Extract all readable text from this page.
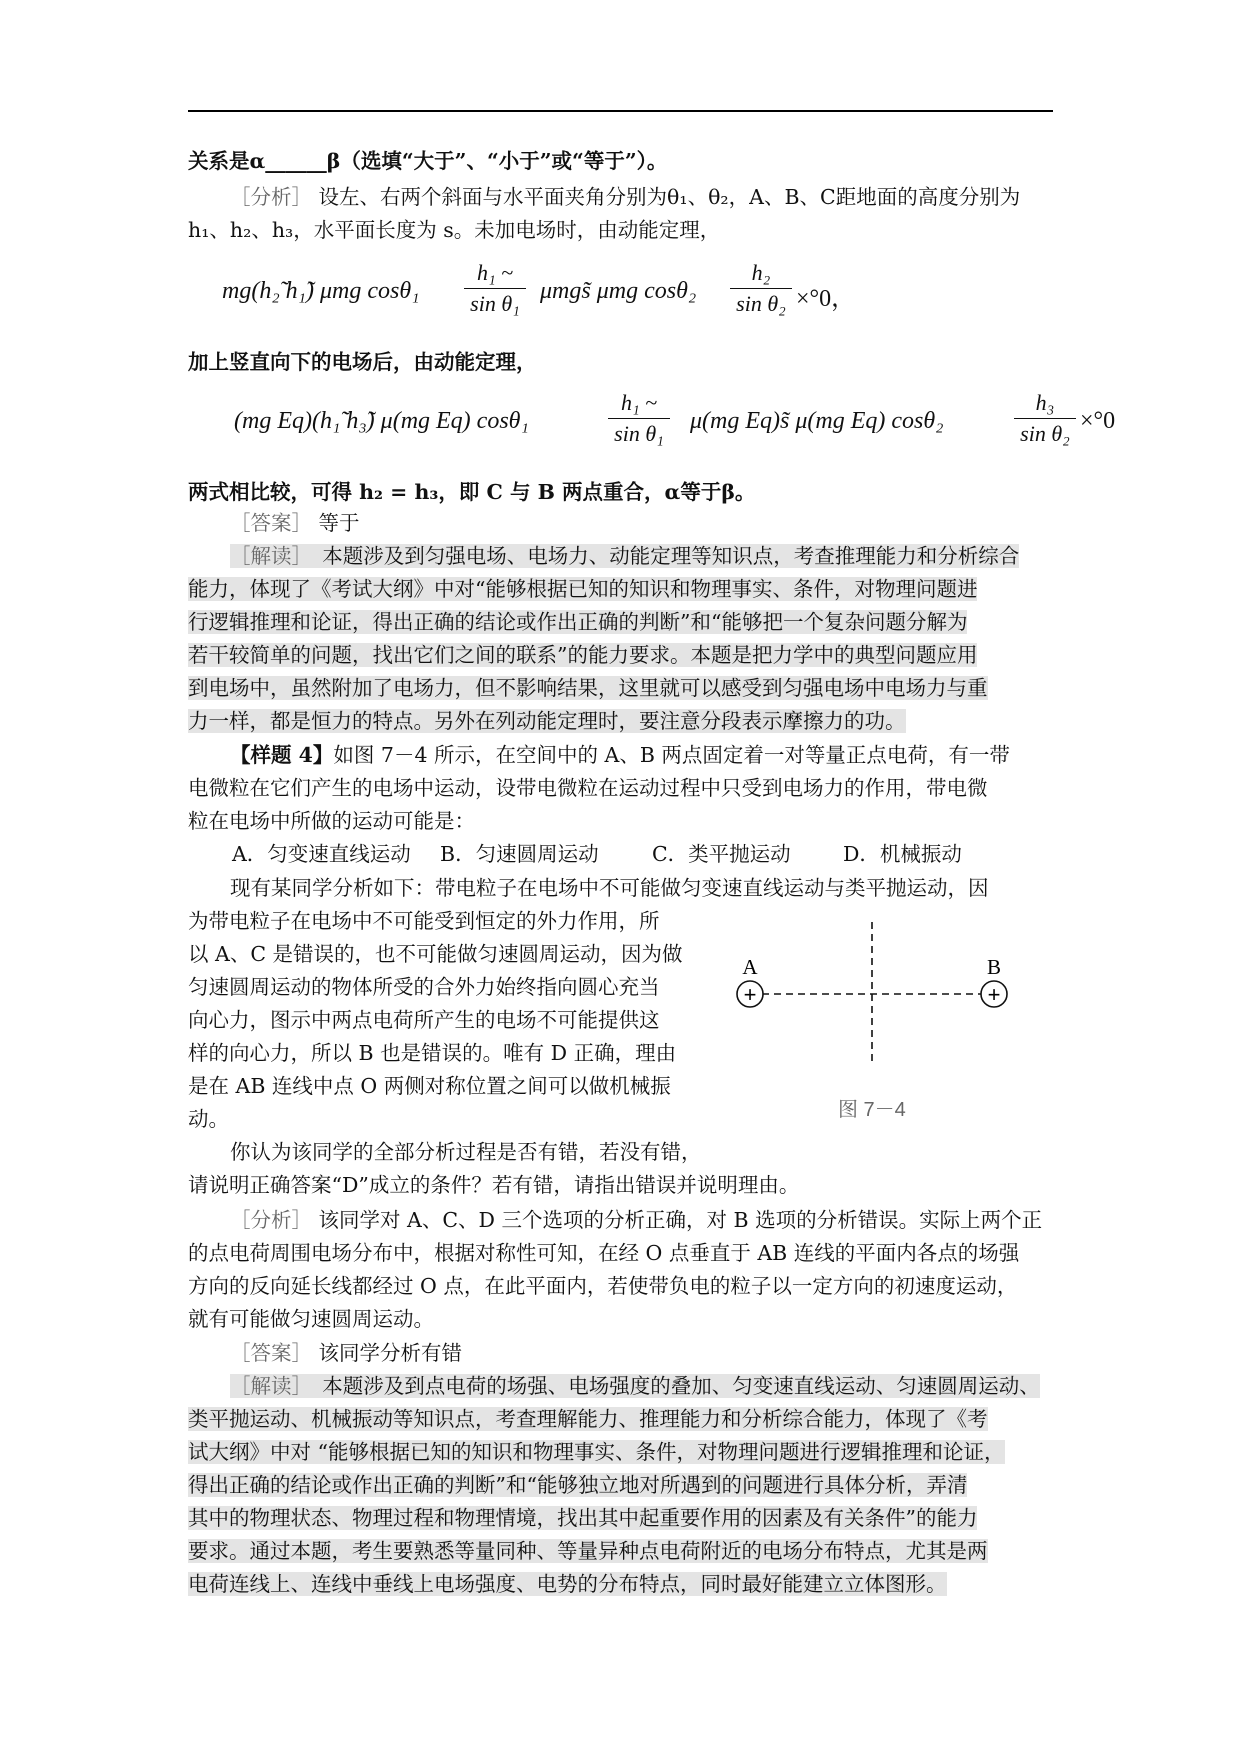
关系是α______β（选填“大于”、“小于”或“等于”）。
［分析］ 设左、右两个斜面与水平面夹角分别为θ₁、θ₂，A、B、C距地面的高度分别为
h₁、h₂、h₃，水平面长度为 s。未加电场时，由动能定理，
mg(h₂̃ h₁̃) μmg cosθ₁
h₁ ~
sin θ₁ μmgs̃ μmg cosθ₂
h₂
sin θ₂ ×°0，
加上竖直向下的电场后，由动能定理，
(mg Eq)(h₁̃ h₃̃) μ(mg Eq) cosθ₁
h₁ ~
sin θ₁ μ(mg Eq)s̃ μ(mg Eq) cosθ₂
h₃
sin θ₂ ×°0
两式相比较，可得 h₂ = h₃，即 C 与 B 两点重合，α等于β。
［答案］ 等于
［解读］　 本题涉及到匀强电场、电场力、动能定理等知识点，考查推理能力和分析综合
能力，体现了《考试大纲》中对“能够根据已知的知识和物理事实、条件，对物理问题进
行逻辑推理和论证，得出正确的结论或作出正确的判断”和“能够把一个复杂问题分解为
若干较简单的问题，找出它们之间的联系”的能力要求。本题是把力学中的典型问题应用
到电场中，虽然附加了电场力，但不影响结果，这里就可以感受到匀强电场中电场力与重
力一样，都是恒力的特点。另外在列动能定理时，要注意分段表示摩擦力的功。
【样题 4】如图 7－4 所示，在空间中的 A、B 两点固定着一对等量正点电荷，有一带
电微粒在它们产生的电场中运动，设带电微粒在运动过程中只受到电场力的作用，带电微
粒在电场中所做的运动可能是：
A．匀变速直线运动 B．匀速圆周运动	C．类平抛运动	D．机械振动
现有某同学分析如下：带电粒子在电场中不可能做匀变速直线运动与类平抛运动，因
为带电粒子在电场中不可能受到恒定的外力作用，所
以 A、C 是错误的，也不可能做匀速圆周运动，因为做
匀速圆周运动的物体所受的合外力始终指向圆心充当
向心力，图示中两点电荷所产生的电场不可能提供这
样的向心力，所以 B 也是错误的。唯有 D 正确，理由
是在 AB 连线中点 O 两侧对称位置之间可以做机械振
动。
+	+
A	B
图 7－4
你认为该同学的全部分析过程是否有错，若没有错，
请说明正确答案“D”成立的条件？若有错，请指出错误并说明理由。
［分析］ 该同学对 A、C、D 三个选项的分析正确，对 B 选项的分析错误。实际上两个正
的点电荷周围电场分布中，根据对称性可知，在经 O 点垂直于 AB 连线的平面内各点的场强
方向的反向延长线都经过 O 点，在此平面内，若使带负电的粒子以一定方向的初速度运动，
就有可能做匀速圆周运动。
［答案］ 该同学分析有错
［解读］　 本题涉及到点电荷的场强、电场强度的叠加、匀变速直线运动、匀速圆周运动、
类平抛运动、机械振动等知识点，考查理解能力、推理能力和分析综合能力，体现了《考
试大纲》中对 “能够根据已知的知识和物理事实、条件，对物理问题进行逻辑推理和论证，
得出正确的结论或作出正确的判断”和“能够独立地对所遇到的问题进行具体分析，弄清
其中的物理状态、物理过程和物理情境，找出其中起重要作用的因素及有关条件”的能力
要求。通过本题，考生要熟悉等量同种、等量异种点电荷附近的电场分布特点，尤其是两
电荷连线上、连线中垂线上电场强度、电势的分布特点，同时最好能建立立体图形。
